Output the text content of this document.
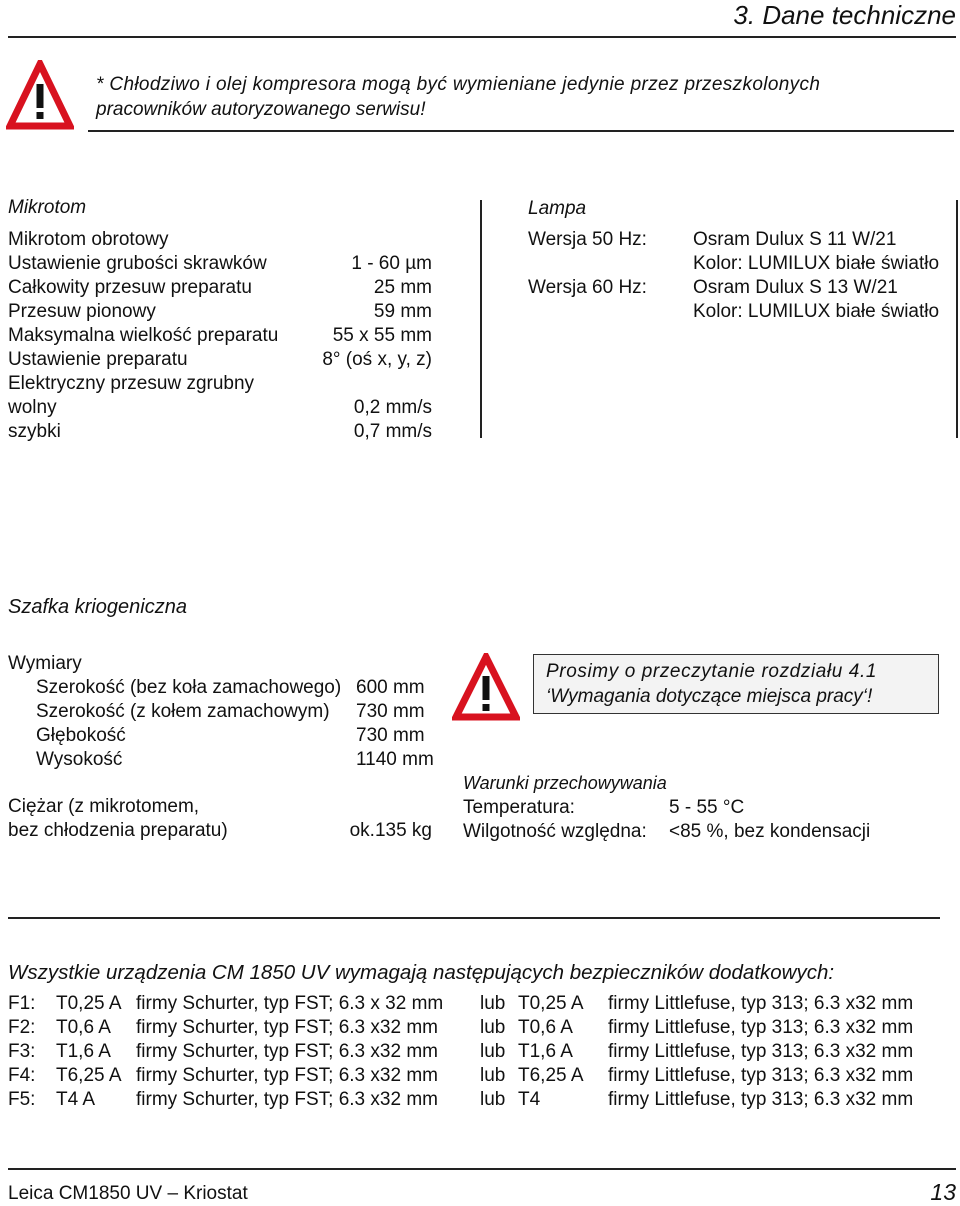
3. Dane techniczne
* Chłodziwo i olej kompresora mogą być wymieniane jedynie przez przeszkolonych
pracowników autoryzowanego serwisu!
Mikrotom
Mikrotom obrotowy
Ustawienie grubości skrawków	1 - 60 µm
Całkowity przesuw preparatu	25 mm
Przesuw pionowy	59 mm
Maksymalna wielkość preparatu	55 x 55 mm
Ustawienie preparatu	8° (oś x, y, z)
Elektryczny przesuw zgrubny
wolny	0,2 mm/s
szybki	0,7 mm/s
Lampa
Wersja 50 Hz: Osram Dulux S 11 W/21
Kolor: LUMILUX białe światło
Wersja 60 Hz: Osram Dulux S 13 W/21
Kolor: LUMILUX białe światło
Szafka kriogeniczna
Wymiary
Szerokość (bez koła zamachowego) 600 mm
Szerokość (z kołem zamachowym) 730 mm
Głębokość	730 mm
Wysokość	1140 mm
Ciężar (z mikrotomem,
bez chłodzenia preparatu)	ok.135 kg
Prosimy o przeczytanie rozdziału 4.1
‘Wymagania dotyczące miejsca pracy‘!
Warunki przechowywania
Temperatura:	5 - 55 °C
Wilgotność względna: <85 %, bez kondensacji
Wszystkie urządzenia CM 1850 UV wymagają następujących bezpieczników dodatkowych:
F1: T0,25 A firmy Schurter, typ FST; 6.3 x 32 mm lub T0,25 A firmy Littlefuse, typ 313; 6.3 x32 mm
F2: T0,6 A firmy Schurter, typ FST; 6.3 x32 mm lub T0,6 A firmy Littlefuse, typ 313; 6.3 x32 mm
F3: T1,6 A firmy Schurter, typ FST; 6.3 x32 mm lub T1,6 A firmy Littlefuse, typ 313; 6.3 x32 mm
F4: T6,25 A firmy Schurter, typ FST; 6.3 x32 mm lub T6,25 A firmy Littlefuse, typ 313; 6.3 x32 mm
F5: T4 A firmy Schurter, typ FST; 6.3 x32 mm lub T4	firmy Littlefuse, typ 313; 6.3 x32 mm
Leica CM1850 UV – Kriostat	13
